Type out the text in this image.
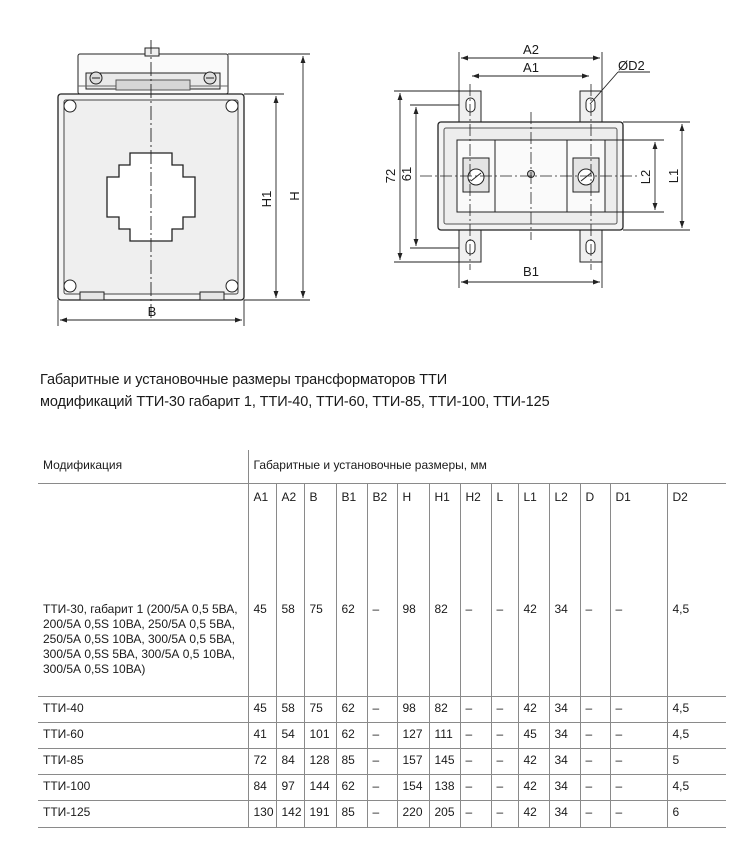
H1 H
B
A2
A1	ØD2
72 61	L2 L1
B1
Габаритные и установочные размеры трансформаторов ТТИ
модификаций ТТИ-30 габарит 1, ТТИ-40, ТТИ-60, ТТИ-85, ТТИ-100, ТТИ-125
Модификация	Габаритные и установочные размеры, мм													
	A1	A2	B	B1	B2	H	H1	H2	L	L1	L2	D	D1	D2
ТТИ-30, габарит 1 (200/5А 0,5 5ВА,
200/5А 0,5S 10ВА, 250/5А 0,5 5ВА,
250/5А 0,5S 10ВА, 300/5А 0,5 5ВА,
300/5А 0,5S 5ВА, 300/5А 0,5 10ВА,
300/5А 0,5S 10ВА)	45	58	75	62	–	98	82	–	–	42	34	–	–	4,5
ТТИ-40	45	58	75	62	–	98	82	–	–	42	34	–	–	4,5
ТТИ-60	41	54	101	62	–	127	111	–	–	45	34	–	–	4,5
ТТИ-85	72	84	128	85	–	157	145	–	–	42	34	–	–	5
ТТИ-100	84	97	144	62	–	154	138	–	–	42	34	–	–	4,5
ТТИ-125	130	142	191	85	–	220	205	–	–	42	34	–	–	6
